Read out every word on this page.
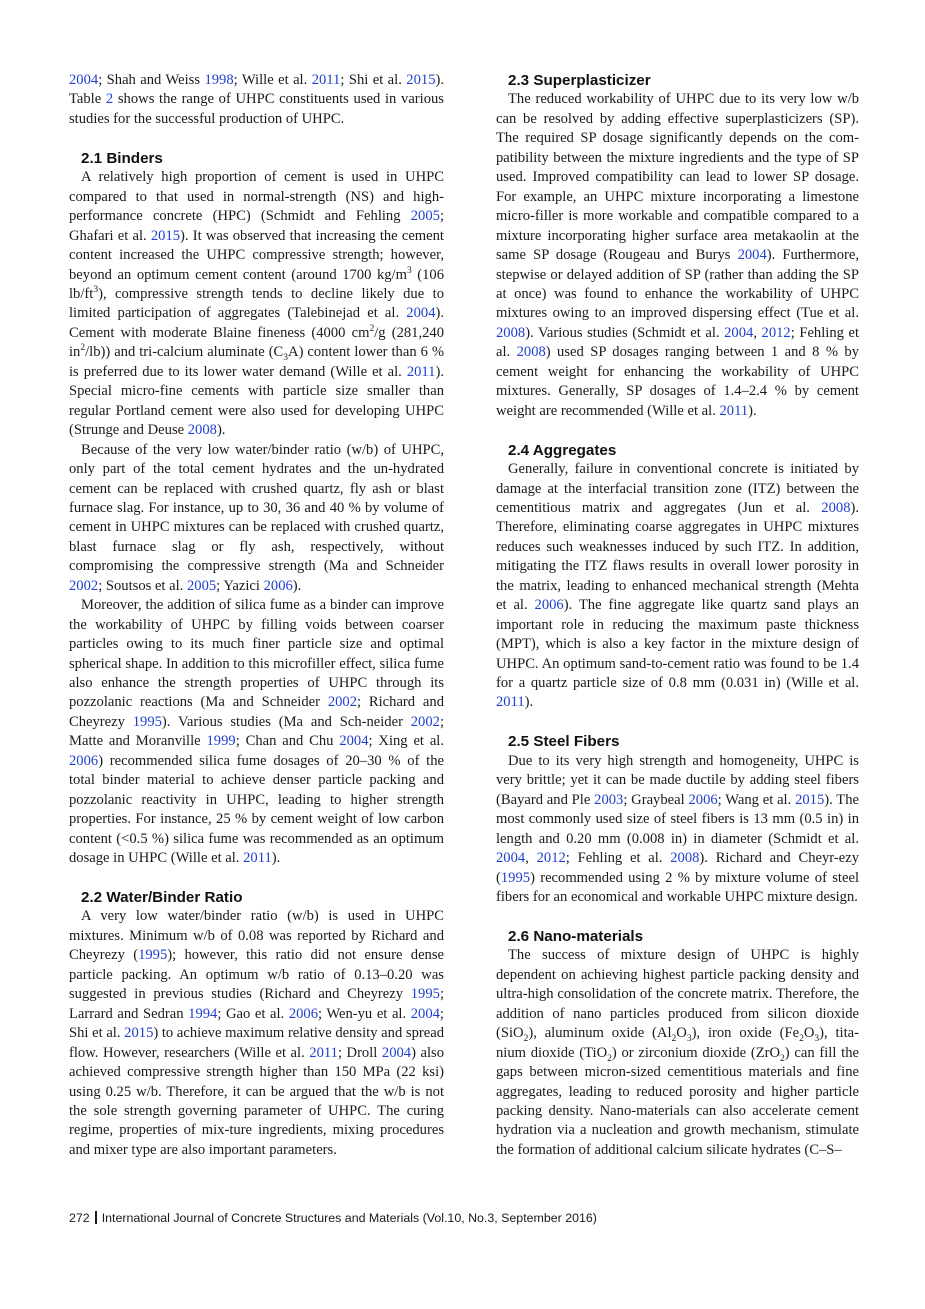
2004; Shah and Weiss 1998; Wille et al. 2011; Shi et al. 2015). Table 2 shows the range of UHPC constituents used in various studies for the successful production of UHPC.

2.1 Binders

A relatively high proportion of cement is used in UHPC compared to that used in normal-strength (NS) and high-performance concrete (HPC) (Schmidt and Fehling 2005; Ghafari et al. 2015). It was observed that increasing the cement content increased the UHPC compressive strength; however, beyond an optimum cement content (around 1700 $kg/m^3$ (106 $lb/ft^3$), compressive strength tends to decline likely due to limited participation of aggregates (Talebinejad et al. 2004). Cement with moderate Blaine fineness (4000 $cm^2/g$ (281,240 $in^2/lb$)) and tri-calcium aluminate $(C_3A)$ content lower than 6 % is preferred due to its lower water demand (Wille et al. 2011). Special micro-fine cements with particle size smaller than regular Portland cement were also used for developing UHPC (Strunge and Deuse 2008).

Because of the very low water/binder ratio (w/b) of UHPC, only part of the total cement hydrates and the un-hydrated cement can be replaced with crushed quartz, fly ash or blast furnace slag. For instance, up to 30, 36 and 40 % by volume of cement in UHPC mixtures can be replaced with crushed quartz, blast furnace slag or fly ash, respectively, without compromising the compressive strength (Ma and Schneider 2002; Soutsos et al. 2005; Yazici 2006).

Moreover, the addition of silica fume as a binder can improve the workability of UHPC by filling voids between coarser particles owing to its much finer particle size and optimal spherical shape. In addition to this microfiller effect, silica fume also enhance the strength properties of UHPC through its pozzolanic reactions (Ma and Schneider 2002; Richard and Cheyrezy 1995). Various studies (Ma and Sch-neider 2002; Matte and Moranville 1999; Chan and Chu 2004; Xing et al. 2006) recommended silica fume dosages of 20–30 % of the total binder material to achieve denser particle packing and pozzolanic reactivity in UHPC, leading to higher strength properties. For instance, 25 % by cement weight of low carbon content (<0.5 %) silica fume was recommended as an optimum dosage in UHPC (Wille et al. 2011).

2.2 Water/Binder Ratio

A very low water/binder ratio (w/b) is used in UHPC mixtures. Minimum w/b of 0.08 was reported by Richard and Cheyrezy (1995); however, this ratio did not ensure dense particle packing. An optimum w/b ratio of 0.13–0.20 was suggested in previous studies (Richard and Cheyrezy 1995; Larrard and Sedran 1994; Gao et al. 2006; Wen-yu et al. 2004; Shi et al. 2015) to achieve maximum relative density and spread flow. However, researchers (Wille et al. 2011; Droll 2004) also achieved compressive strength higher than 150 MPa (22 ksi) using 0.25 w/b. Therefore, it can be argued that the w/b is not the sole strength governing parameter of UHPC. The curing regime, properties of mix-ture ingredients, mixing procedures and mixer type are also important parameters.

2.3 Superplasticizer

The reduced workability of UHPC due to its very low w/b can be resolved by adding effective superplasticizers (SP). The required SP dosage significantly depends on the com-patibility between the mixture ingredients and the type of SP used. Improved compatibility can lead to lower SP dosage. For example, an UHPC mixture incorporating a limestone micro-filler is more workable and compatible compared to a mixture incorporating higher surface area metakaolin at the same SP dosage (Rougeau and Burys 2004). Furthermore, stepwise or delayed addition of SP (rather than adding the SP at once) was found to enhance the workability of UHPC mixtures owing to an improved dispersing effect (Tue et al. 2008). Various studies (Schmidt et al. 2004, 2012; Fehling et al. 2008) used SP dosages ranging between 1 and 8 % by cement weight for enhancing the workability of UHPC mixtures. Generally, SP dosages of 1.4–2.4 % by cement weight are recommended (Wille et al. 2011).

2.4 Aggregates

Generally, failure in conventional concrete is initiated by damage at the interfacial transition zone (ITZ) between the cementitious matrix and aggregates (Jun et al. 2008). Therefore, eliminating coarse aggregates in UHPC mixtures reduces such weaknesses induced by such ITZ. In addition, mitigating the ITZ flaws results in overall lower porosity in the matrix, leading to enhanced mechanical strength (Mehta et al. 2006). The fine aggregate like quartz sand plays an important role in reducing the maximum paste thickness (MPT), which is also a key factor in the mixture design of UHPC. An optimum sand-to-cement ratio was found to be 1.4 for a quartz particle size of 0.8 mm (0.031 in) (Wille et al. 2011).

2.5 Steel Fibers

Due to its very high strength and homogeneity, UHPC is very brittle; yet it can be made ductile by adding steel fibers (Bayard and Ple 2003; Graybeal 2006; Wang et al. 2015). The most commonly used size of steel fibers is 13 mm (0.5 in) in length and 0.20 mm (0.008 in) in diameter (Schmidt et al. 2004, 2012; Fehling et al. 2008). Richard and Cheyr-ezy (1995) recommended using 2 % by mixture volume of steel fibers for an economical and workable UHPC mixture design.

2.6 Nano-materials

The success of mixture design of UHPC is highly dependent on achieving highest particle packing density and ultra-high consolidation of the concrete matrix. Therefore, the addition of nano particles produced from silicon dioxide (SiO$_2$), aluminum oxide $(Al_2O_3)$, iron oxide $(Fe_2O_3)$, tita-nium dioxide (TiO$_2$) or zirconium dioxide (ZrO$_2$) can fill the gaps between micron-sized cementitious materials and fine aggregates, leading to reduced porosity and higher particle packing density. Nano-materials can also accelerate cement hydration via a nucleation and growth mechanism, stimulate the formation of additional calcium silicate hydrates (C–S–

272 International Journal of Concrete Structures and Materials (Vol.10, No.3, September 2016)
